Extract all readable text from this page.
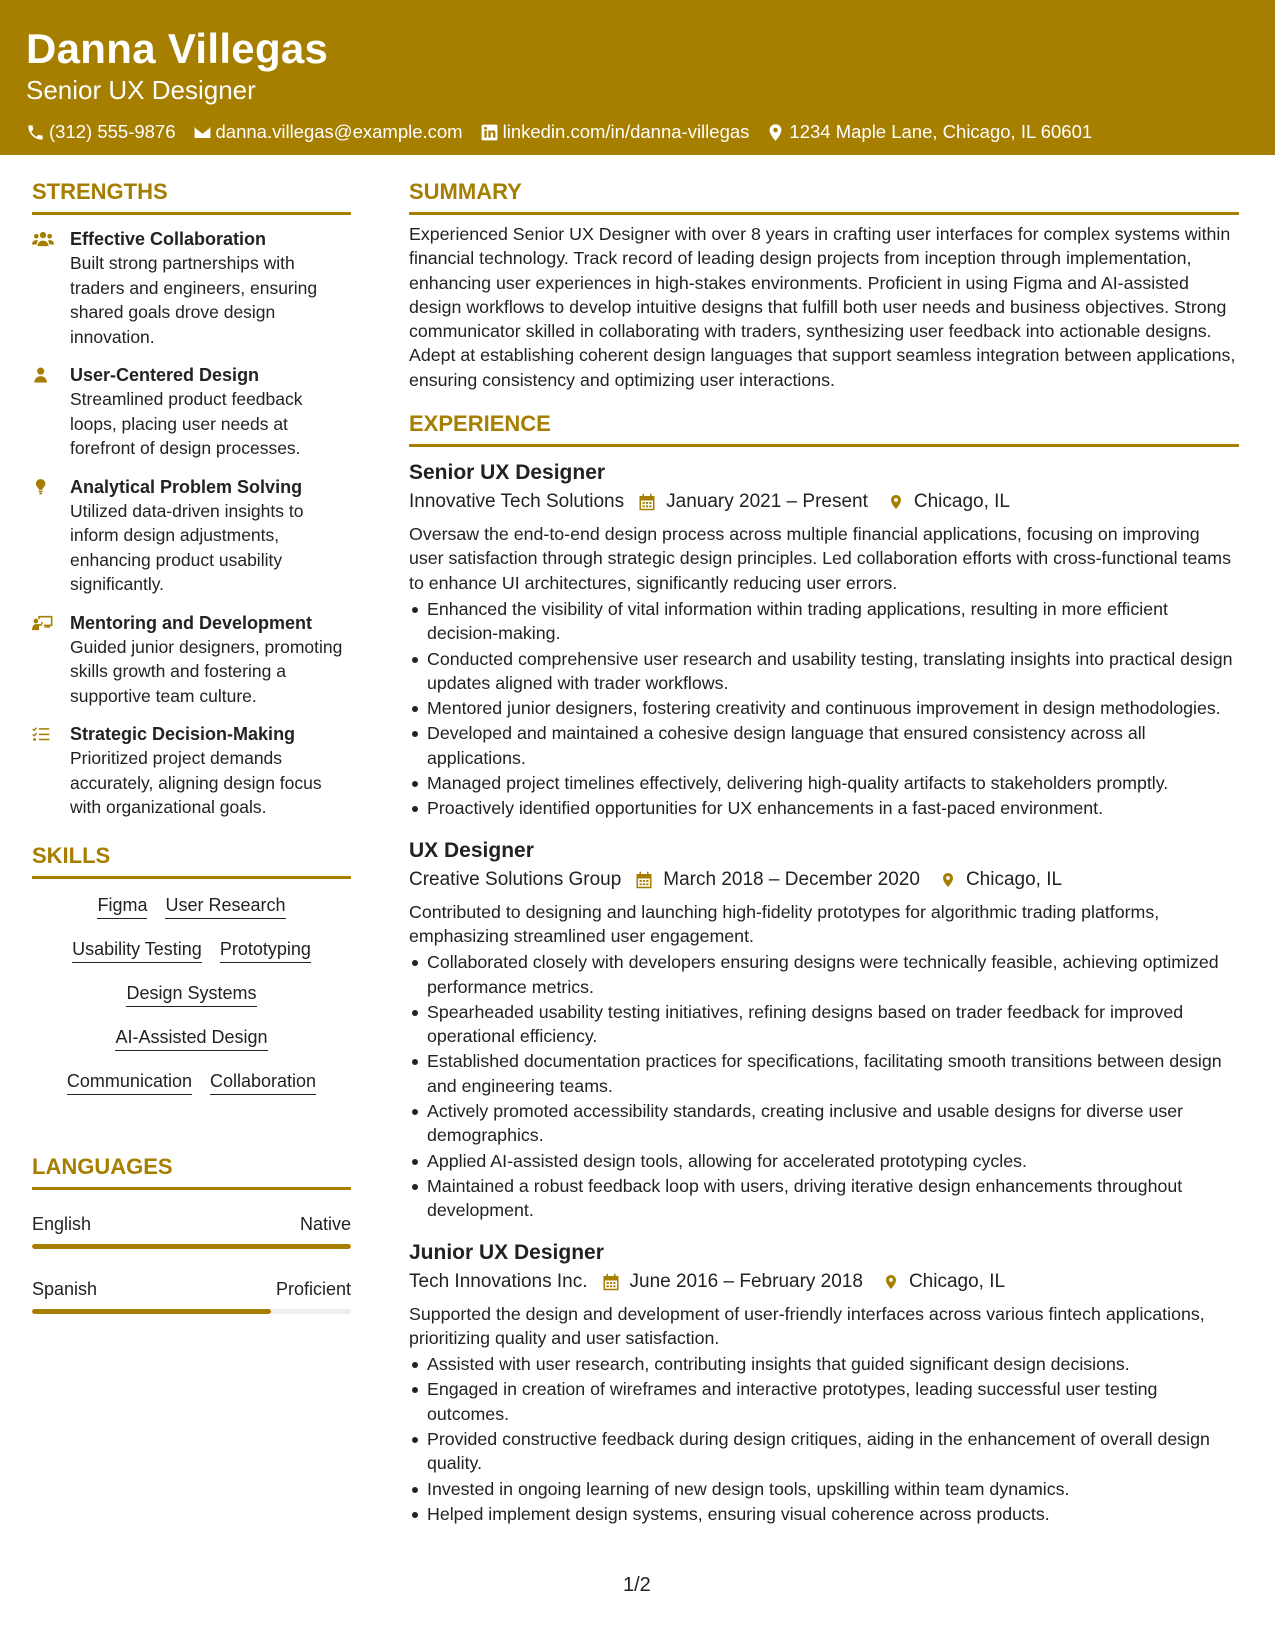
Danna Villegas
Senior UX Designer
(312) 555-9876 danna.villegas@example.com linkedin.com/in/danna-villegas 1234 Maple Lane, Chicago, IL 60601
STRENGTHS
Effective Collaboration
Built strong partnerships with traders and engineers, ensuring shared goals drove design innovation.
User-Centered Design
Streamlined product feedback loops, placing user needs at forefront of design processes.
Analytical Problem Solving
Utilized data-driven insights to inform design adjustments, enhancing product usability significantly.
Mentoring and Development
Guided junior designers, promoting skills growth and fostering a supportive team culture.
Strategic Decision-Making
Prioritized project demands accurately, aligning design focus with organizational goals.
SKILLS
Figma User Research
Usability Testing Prototyping
Design Systems
AI-Assisted Design
Communication Collaboration
LANGUAGES
English	Native
Spanish	Proficient
SUMMARY
Experienced Senior UX Designer with over 8 years in crafting user interfaces for complex systems within financial technology. Track record of leading design projects from inception through implementation, enhancing user experiences in high-stakes environments. Proficient in using Figma and AI-assisted design workflows to develop intuitive designs that fulfill both user needs and business objectives. Strong communicator skilled in collaborating with traders, synthesizing user feedback into actionable designs. Adept at establishing coherent design languages that support seamless integration between applications, ensuring consistency and optimizing user interactions.
EXPERIENCE
Senior UX Designer
Innovative Tech Solutions January 2021 – Present Chicago, IL
Oversaw the end-to-end design process across multiple financial applications, focusing on improving user satisfaction through strategic design principles. Led collaboration efforts with cross-functional teams to enhance UI architectures, significantly reducing user errors.
Enhanced the visibility of vital information within trading applications, resulting in more efficient decision-making.
Conducted comprehensive user research and usability testing, translating insights into practical design updates aligned with trader workflows.
Mentored junior designers, fostering creativity and continuous improvement in design methodologies.
Developed and maintained a cohesive design language that ensured consistency across all applications.
Managed project timelines effectively, delivering high-quality artifacts to stakeholders promptly.
Proactively identified opportunities for UX enhancements in a fast-paced environment.
UX Designer
Creative Solutions Group March 2018 – December 2020 Chicago, IL
Contributed to designing and launching high-fidelity prototypes for algorithmic trading platforms, emphasizing streamlined user engagement.
Collaborated closely with developers ensuring designs were technically feasible, achieving optimized performance metrics.
Spearheaded usability testing initiatives, refining designs based on trader feedback for improved operational efficiency.
Established documentation practices for specifications, facilitating smooth transitions between design and engineering teams.
Actively promoted accessibility standards, creating inclusive and usable designs for diverse user demographics.
Applied AI-assisted design tools, allowing for accelerated prototyping cycles.
Maintained a robust feedback loop with users, driving iterative design enhancements throughout development.
Junior UX Designer
Tech Innovations Inc. June 2016 – February 2018 Chicago, IL
Supported the design and development of user-friendly interfaces across various fintech applications, prioritizing quality and user satisfaction.
Assisted with user research, contributing insights that guided significant design decisions.
Engaged in creation of wireframes and interactive prototypes, leading successful user testing outcomes.
Provided constructive feedback during design critiques, aiding in the enhancement of overall design quality.
Invested in ongoing learning of new design tools, upskilling within team dynamics.
Helped implement design systems, ensuring visual coherence across products.
1/2
